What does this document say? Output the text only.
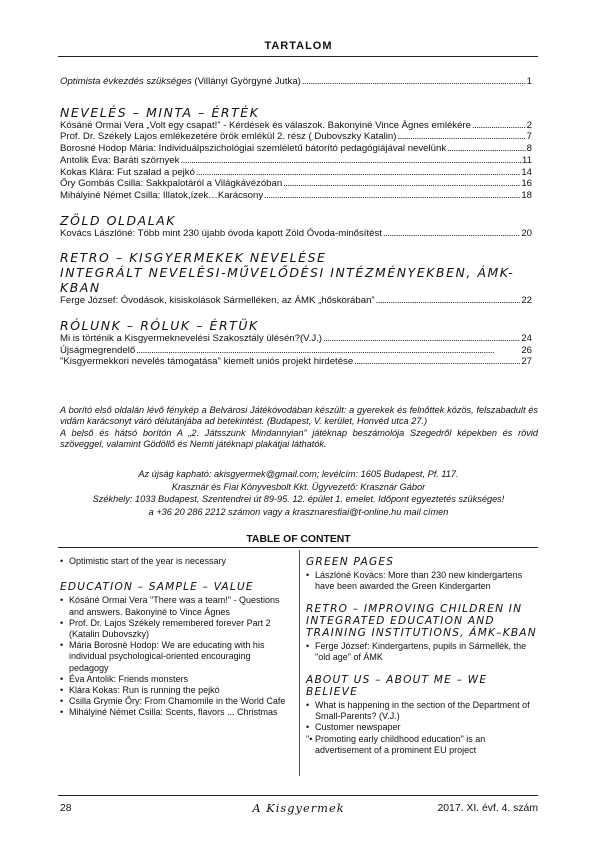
TARTALOM
Optimista évkezdés szükséges (Villányi Györgyné Jutka) . . .	1
NEVELÉS – MINTA – ÉRTÉK
Kósáné Ormai Vera „Volt egy csapat!” - Kérdések és válaszok. Bakonyiné Vince Ágnes emlékére . . .	2
Prof. Dr. Székely Lajos emlékezetére örök emlékül 2. rész ( Dubovszky Katalin) . . .	7
Borosné Hodop Mária: Individuálpszichológiai szemléletű bátorító pedagógiájával nevelünk . . .	8
Antolik Éva: Baráti szörnyek . . .	11
Kokas Klára: Fut szalad a pejkó . . .	14
Őry Gombás Csilla: Sakkpalotáról a Világkávézóban . . .	16
Mihályiné Német Csilla: Illatok,ízek…Karácsony . . .	18
ZÖLD OLDALAK
Kovács Lászlóné: Több mint 230 újabb óvoda kapott Zöld Óvoda-minősítést . . .	20
RETRO – KISGYERMEKEK NEVELÉSE
INTEGRÁLT NEVELÉSI-MŰVELŐDÉSI INTÉZMÉNYEKBEN, ÁMK-KBAN
Ferge József: Óvodások, kisiskolások Sármelléken, az ÁMK „hőskorában” . . .	22
RÓLUNK – RÓLUK – ÉRTÜK
Mi is történik a Kisgyermeknevelési Szakosztály ülésén?(V.J.) . . .	24
Újságmegrendelő . . .	26
"Kisgyermekkori nevelés támogatása" kiemelt uniós projekt hirdetése . . .	27

A borító első oldalán lévő fénykép a Belvárosi Játékóvodában készült: a gyerekek és felnőttek közös, felszabadult és vidám karácsonyt váró délutánjába ad betekintést. (Budapest, V. kerület, Honvéd utca 27.)

A belső és hátsó borítón A „2. Játsszunk Mindannyian” játéknap beszámolója Szegedről képekben és rövid szöveggel, valamint Gödöllő és Nemti játéknapi plakátjai láthatók.

Az újság kapható: akisgyermek@gmail.com; levélcím: 1605 Budapest, Pf. 117.

Krasznár és Fiai Könyvesbolt Kkt. Ügyvezető: Krasznár Gábor

Székhely: 1033 Budapest, Szentendrei út 89-95. 12. épület 1. emelet. Időpont egyeztetés szükséges!

a +36 20 286 2212 számon vagy a krasznaresfiai@t-online.hu mail címen

TABLE OF CONTENT

• Optimistic start of the year is necessary

EDUCATION – SAMPLE – VALUE

• Kósáné Ormai Vera "There was a team!" - Questions and answers. Bakonyiné to Vince Ágnes

• Prof. Dr. Lajos Székely remembered forever Part 2 (Katalin Dubovszky)

• Mária Borosné Hodop: We are educating with his individual psychological-oriented encouraging pedagogy

• Éva Antolik: Friends monsters

• Klára Kokas: Run is running the pejkó

• Csilla Grymie Őry: From Chamomile in the World Cafe

• Mihályiné Német Csilla: Scents, flavors ... Christmas

GREEN PAGES

• Lászlóné Kovács: More than 230 new kindergartens have been awarded the Green Kindergarten

RETRO – IMPROVING CHILDREN IN INTEGRATED EDUCATION AND TRAINING INSTITUTIONS, ÁMK–KBAN

• Ferge József: Kindergartens, pupils in Sármellék, the "old age" of ÁMK

ABOUT US – ABOUT ME – WE BELIEVE

• What is happening in the section of the Department of Small-Parents? (V.J.)

• Customer newspaper

"• Promoting early childhood education" is an advertisement of a prominent EU project

28	A Kisgyermek	2017. XI. évf. 4. szám
